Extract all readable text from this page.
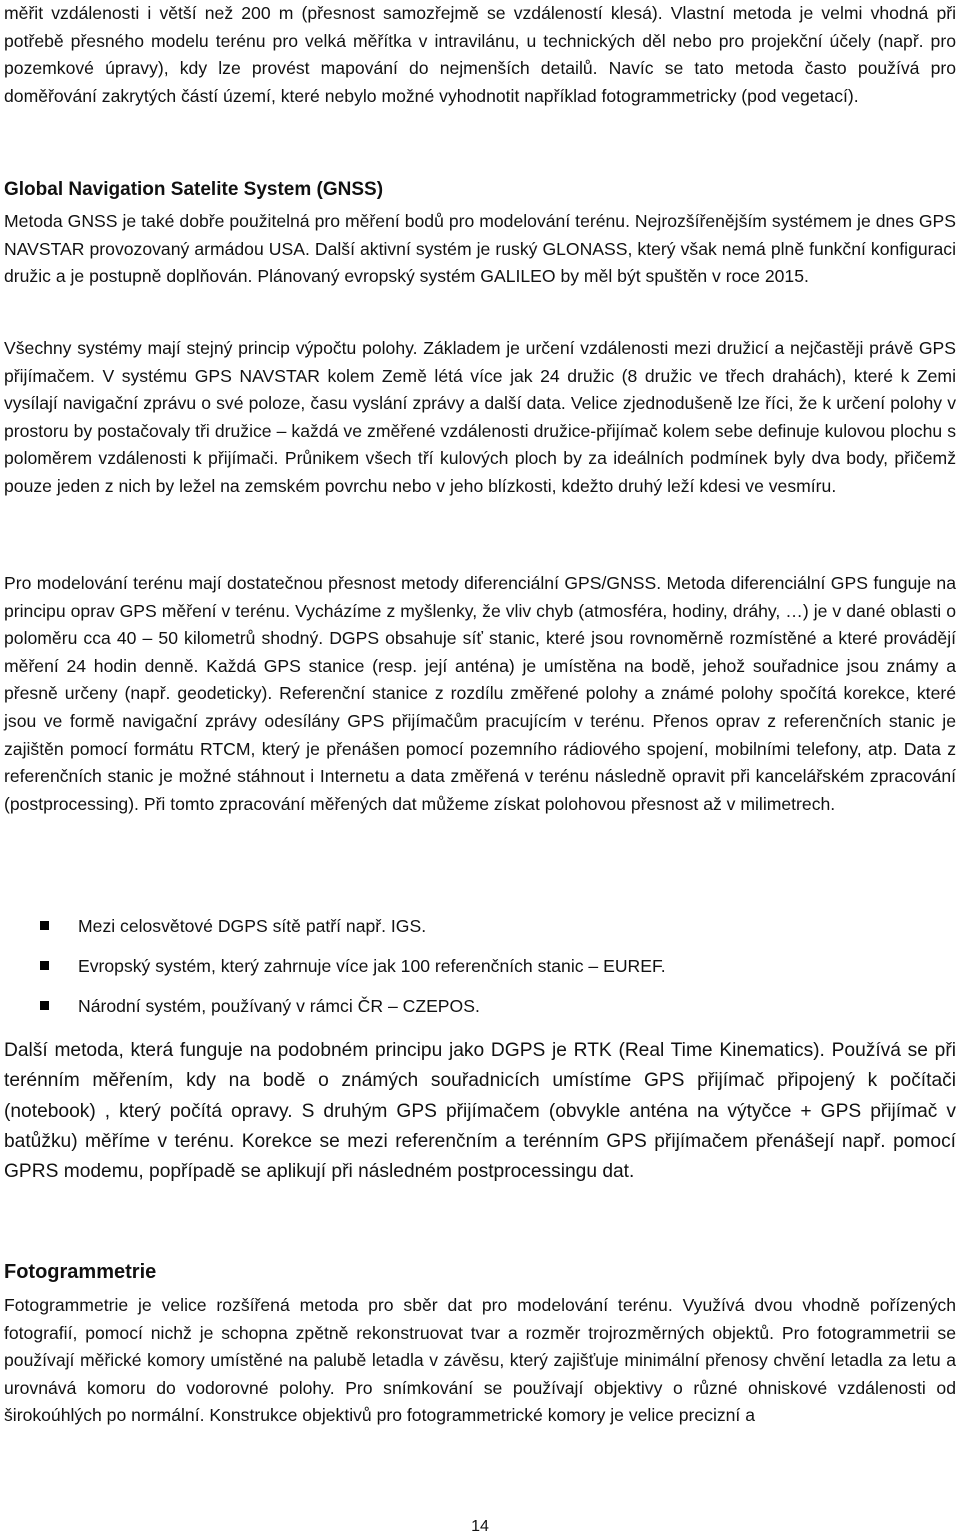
měřit vzdálenosti i větší než 200 m (přesnost samozřejmě se vzdáleností klesá). Vlastní metoda je velmi vhodná při potřebě přesného modelu terénu pro velká měřítka v intravilánu, u technických děl nebo pro projekční účely (např. pro pozemkové úpravy), kdy lze provést mapování do nejmenších detailů. Navíc se tato metoda často používá pro doměřování zakrytých částí území, které nebylo možné vyhodnotit například fotogrammetricky (pod vegetací).

Global Navigation Satelite System (GNSS)

Metoda GNSS je také dobře použitelná pro měření bodů pro modelování terénu. Nejrozšířenějším systémem je dnes GPS NAVSTAR provozovaný armádou USA. Další aktivní systém je ruský GLONASS, který však nemá plně funkční konfiguraci družic a je postupně doplňován. Plánovaný evropský systém GALILEO by měl být spuštěn v roce 2015.

Všechny systémy mají stejný princip výpočtu polohy. Základem je určení vzdálenosti mezi družicí a nejčastěji právě GPS přijímačem. V systému GPS NAVSTAR kolem Země létá více jak 24 družic (8 družic ve třech drahách), které k Zemi vysílají navigační zprávu o své poloze, času vyslání zprávy a další data. Velice zjednodušeně lze říci, že k určení polohy v prostoru by postačovaly tři družice – každá ve změřené vzdálenosti družice-přijímač kolem sebe definuje kulovou plochu s poloměrem vzdálenosti k přijímači. Průnikem všech tří kulových ploch by za ideálních podmínek byly dva body, přičemž pouze jeden z nich by ležel na zemském povrchu nebo v jeho blízkosti, kdežto druhý leží kdesi ve vesmíru.

Pro modelování terénu mají dostatečnou přesnost metody diferenciální GPS/GNSS. Metoda diferenciální GPS funguje na principu oprav GPS měření v terénu. Vycházíme z myšlenky, že vliv chyb (atmosféra, hodiny, dráhy, …) je v dané oblasti o poloměru cca 40 – 50 kilometrů shodný. DGPS obsahuje síť stanic, které jsou rovnoměrně rozmístěné a které provádějí měření 24 hodin denně. Každá GPS stanice (resp. její anténa) je umístěna na bodě, jehož souřadnice jsou známy a přesně určeny (např. geodeticky). Referenční stanice z rozdílu změřené polohy a známé polohy spočítá korekce, které jsou ve formě navigační zprávy odesílány GPS přijímačům pracujícím v terénu. Přenos oprav z referenčních stanic je zajištěn pomocí formátu RTCM, který je přenášen pomocí pozemního rádiového spojení, mobilními telefony, atp. Data z referenčních stanic je možné stáhnout i Internetu a data změřená v terénu následně opravit při kancelářském zpracování (postprocessing). Při tomto zpracování měřených dat můžeme získat polohovou přesnost až v milimetrech.

Mezi celosvětové DGPS sítě patří např. IGS.
Evropský systém, který zahrnuje více jak 100 referenčních stanic – EUREF.
Národní systém, používaný v rámci ČR – CZEPOS.

Další metoda, která funguje na podobném principu jako DGPS je RTK (Real Time Kinematics). Používá se při terénním měřením, kdy na bodě o známých souřadnicích umístíme GPS přijímač připojený k počítači (notebook) , který počítá opravy. S druhým GPS přijímačem (obvykle anténa na výtyčce + GPS přijímač v batůžku) měříme v terénu. Korekce se mezi referenčním a terénním GPS přijímačem přenášejí např. pomocí GPRS modemu, popřípadě se aplikují při následném postprocessingu dat.

Fotogrammetrie

Fotogrammetrie je velice rozšířená metoda pro sběr dat pro modelování terénu. Využívá dvou vhodně pořízených fotografií, pomocí nichž je schopna zpětně rekonstruovat tvar a rozměr trojrozměrných objektů. Pro fotogrammetrii se používají měřické komory umístěné na palubě letadla v závěsu, který zajišťuje minimální přenosy chvění letadla za letu a urovnává komoru do vodorovné polohy. Pro snímkování se používají objektivy o různé ohniskové vzdálenosti od širokoúhlých po normální. Konstrukce objektivů pro fotogrammetrické komory je velice precizní a

14
